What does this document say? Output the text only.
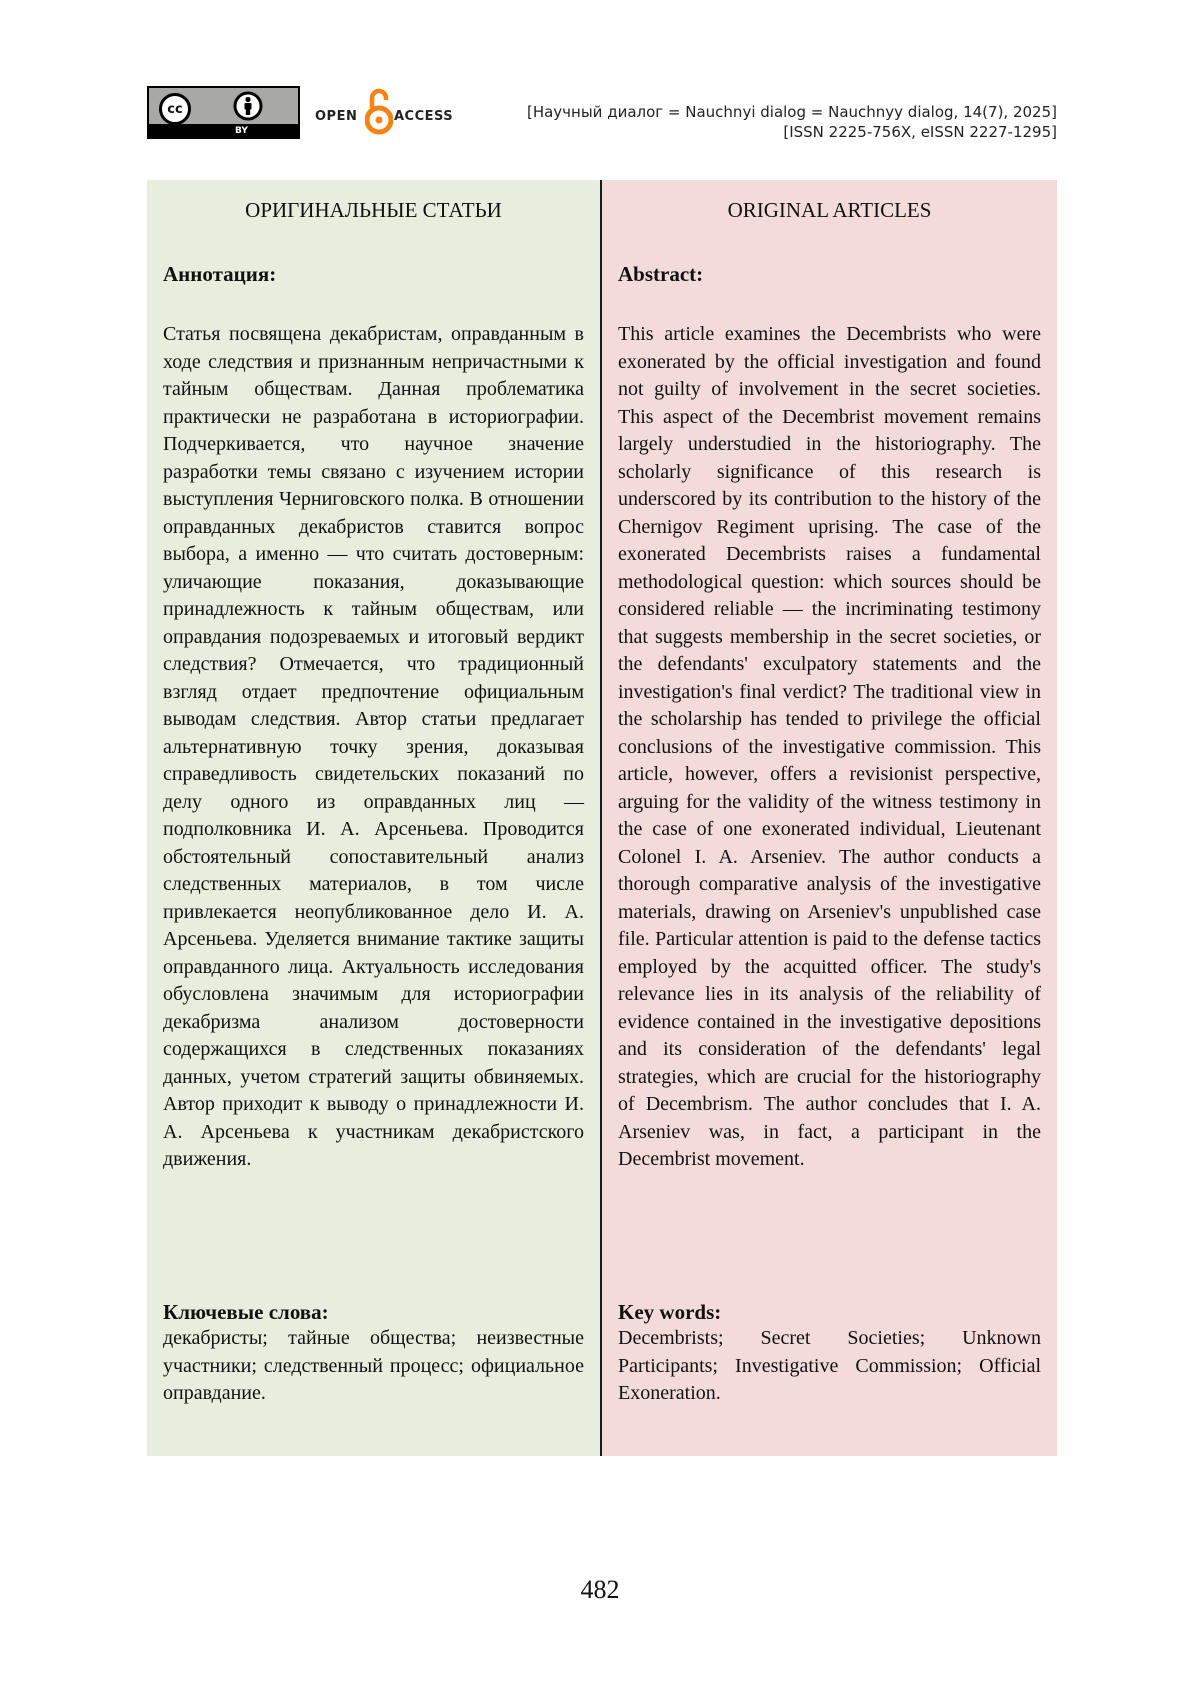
cc
BY
OPEN	ACCESS	[Научный диалог = Nauchnyi dialog = Nauchnyy dialog, 14(7), 2025]
[ISSN 2225-756X, eISSN 2227-1295]
ОРИГИНАЛЬНЫЕ СТАТЬИ
Аннотация:
Статья посвящена декабристам, оправданным в ходе следствия и признанным непричастными к тайным обществам. Данная проблематика практически не разработана в историографии. Подчеркивается, что научное значение разработки темы связано с изучением истории выступления Черниговского полка. В отношении оправданных декабристов ставится вопрос выбора, а именно — что считать достоверным: уличающие показания, доказывающие принадлежность к тайным обществам, или оправдания подозреваемых и итоговый вердикт следствия? Отмечается, что традиционный взгляд отдает предпочтение официальным выводам следствия. Автор статьи предлагает альтернативную точку зрения, доказывая справедливость свидетельских показаний по делу одного из оправданных лиц — подполковника И. А. Арсеньева. Проводится обстоятельный сопоставительный анализ следственных материалов, в том числе привлекается неопубликованное дело И. А. Арсеньева. Уделяется внимание тактике защиты оправданного лица. Актуальность исследования обусловлена значимым для историографии декабризма анализом достоверности содержащихся в следственных показаниях данных, учетом стратегий защиты обвиняемых. Автор приходит к выводу о принадлежности И. А. Арсеньева к участникам декабристского движения.
Ключевые слова:
декабристы; тайные общества; неизвестные участники; следственный процесс; официальное оправдание.
ORIGINAL ARTICLES
Abstract:
This article examines the Decembrists who were exonerated by the official investigation and found not guilty of involvement in the secret societies. This aspect of the Decembrist movement remains largely understudied in the historiography. The scholarly significance of this research is underscored by its contribution to the history of the Chernigov Regiment uprising. The case of the exonerated Decembrists raises a fundamental methodological question: which sources should be considered reliable — the incriminating testimony that suggests membership in the secret societies, or the defendants' exculpatory statements and the investigation's final verdict? The traditional view in the scholarship has tended to privilege the official conclusions of the investigative commission. This article, however, offers a revisionist perspective, arguing for the validity of the witness testimony in the case of one exonerated individual, Lieutenant Colonel I. A. Arseniev. The author conducts a thorough comparative analysis of the investigative materials, drawing on Arseniev's unpublished case file. Particular attention is paid to the defense tactics employed by the acquitted officer. The study's relevance lies in its analysis of the reliability of evidence contained in the investigative depositions and its consideration of the defendants' legal strategies, which are crucial for the historiography of Decembrism. The author concludes that I. A. Arseniev was, in fact, a participant in the Decembrist movement.
Key words:
Decembrists; Secret Societies; Unknown Participants; Investigative Commission; Official Exoneration.
482
